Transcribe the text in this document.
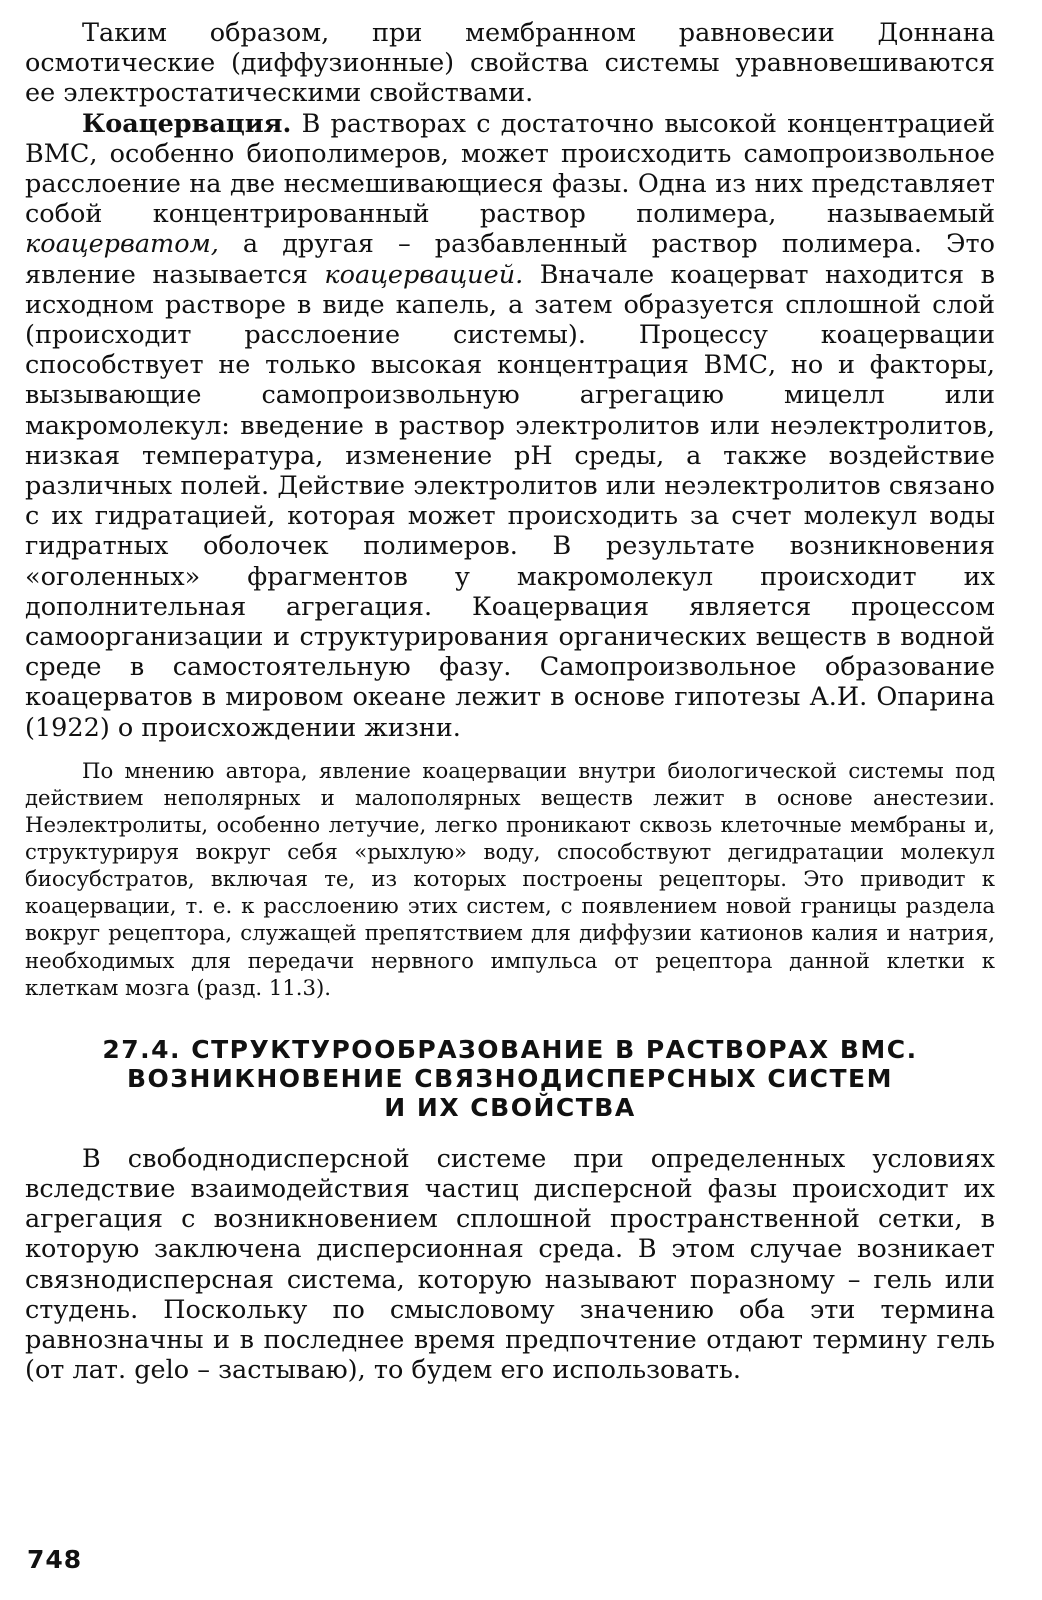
Таким образом, при мембранном равновесии Доннана осмотические (диффузионные) свойства системы уравновешиваются ее электростатическими свойствами.

Коацервация. В растворах с достаточно высокой концентрацией ВМС, особенно биополимеров, может происходить самопроизвольное расслоение на две несмешивающиеся фазы. Одна из них представляет собой концентрированный раствор полимера, называемый коацерватом, а другая – разбавленный раствор полимера. Это явление называется коацервацией. Вначале коацерват находится в исходном растворе в виде капель, а затем образуется сплошной слой (происходит расслоение системы). Процессу коацервации способствует не только высокая концентрация ВМС, но и факторы, вызывающие самопроизвольную агрегацию мицелл или макромолекул: введение в раствор электролитов или неэлектролитов, низкая температура, изменение pH среды, а также воздействие различных полей. Действие электролитов или неэлектролитов связано с их гидратацией, которая может происходить за счет молекул воды гидратных оболочек полимеров. В результате возникновения «оголенных» фрагментов у макромолекул происходит их дополнительная агрегация. Коацервация является процессом самоорганизации и структурирования органических веществ в водной среде в самостоятельную фазу. Самопроизвольное образование коацерватов в мировом океане лежит в основе гипотезы А.И. Опарина (1922) о происхождении жизни.

По мнению автора, явление коацервации внутри биологической системы под действием неполярных и малополярных веществ лежит в основе анестезии. Неэлектролиты, особенно летучие, легко проникают сквозь клеточные мембраны и, структурируя вокруг себя «рыхлую» воду, способствуют дегидратации молекул биосубстратов, включая те, из которых построены рецепторы. Это приводит к коацервации, т. е. к расслоению этих систем, с появлением новой границы раздела вокруг рецептора, служащей препятствием для диффузии катионов калия и натрия, необходимых для передачи нервного импульса от рецептора данной клетки к клеткам мозга (разд. 11.3).

27.4. СТРУКТУРООБРАЗОВАНИЕ В РАСТВОРАХ ВМС.
ВОЗНИКНОВЕНИЕ СВЯЗНОДИСПЕРСНЫХ СИСТЕМ
И ИХ СВОЙСТВА

В свободнодисперсной системе при определенных условиях вследствие взаимодействия частиц дисперсной фазы происходит их агрегация с возникновением сплошной пространственной сетки, в которую заключена дисперсионная среда. В этом случае возникает связнодисперсная система, которую называют поразному – гель или студень. Поскольку по смысловому значению оба эти термина равнозначны и в последнее время предпочтение отдают термину гель (от лат. gelo – застываю), то будем его использовать.

748
